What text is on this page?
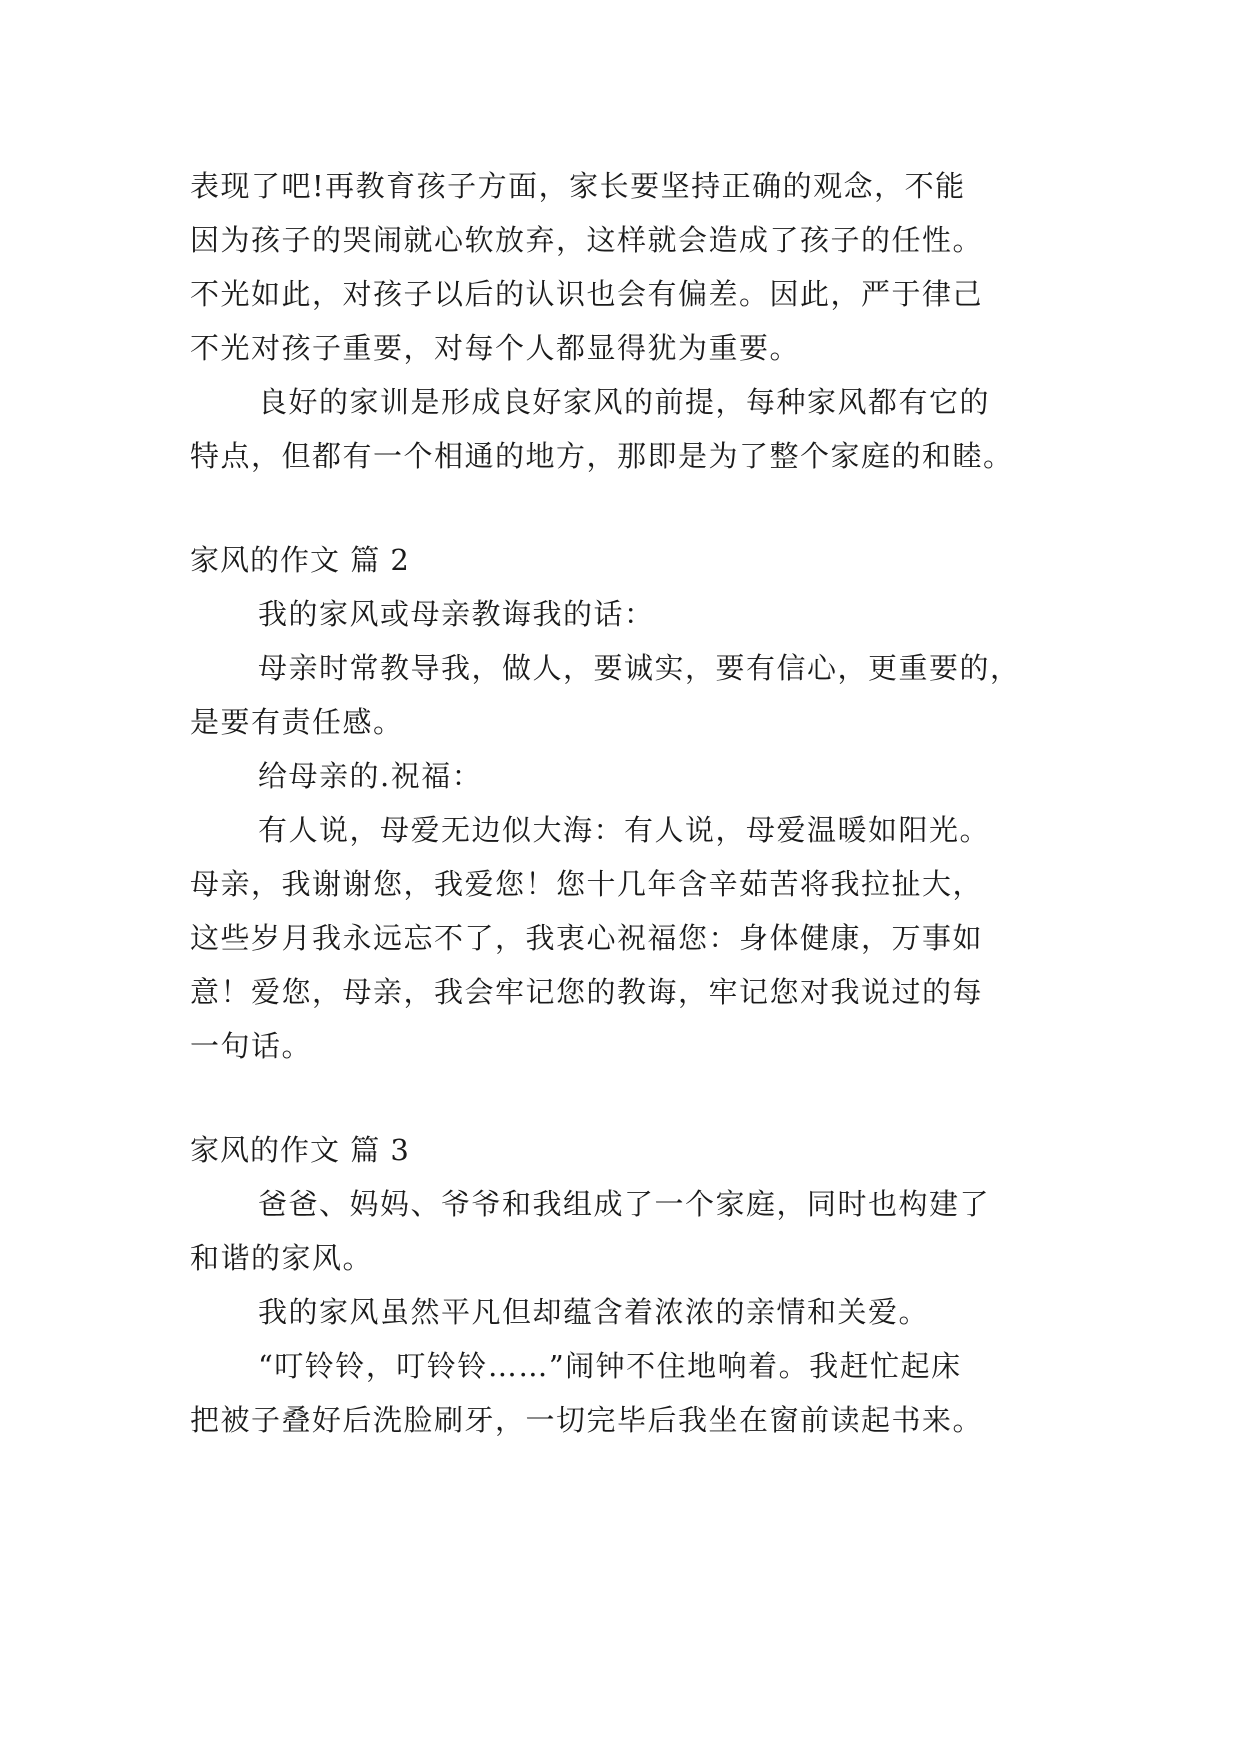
表现了吧!再教育孩子方面，家长要坚持正确的观念，不能
因为孩子的哭闹就心软放弃，这样就会造成了孩子的任性。
不光如此，对孩子以后的认识也会有偏差。因此，严于律己
不光对孩子重要，对每个人都显得犹为重要。
良好的家训是形成良好家风的前提，每种家风都有它的
特点，但都有一个相通的地方，那即是为了整个家庭的和睦。
家风的作文 篇 2
我的家风或母亲教诲我的话：
母亲时常教导我，做人，要诚实，要有信心，更重要的，
是要有责任感。
给母亲的.祝福：
有人说，母爱无边似大海：有人说，母爱温暖如阳光。
母亲，我谢谢您，我爱您！您十几年含辛茹苦将我拉扯大，
这些岁月我永远忘不了，我衷心祝福您：身体健康，万事如
意！爱您，母亲，我会牢记您的教诲，牢记您对我说过的每
一句话。
家风的作文 篇 3
爸爸、妈妈、爷爷和我组成了一个家庭，同时也构建了
和谐的家风。
我的家风虽然平凡但却蕴含着浓浓的亲情和关爱。
“叮铃铃，叮铃铃……”闹钟不住地响着。我赶忙起床
把被子叠好后洗脸刷牙，一切完毕后我坐在窗前读起书来。
